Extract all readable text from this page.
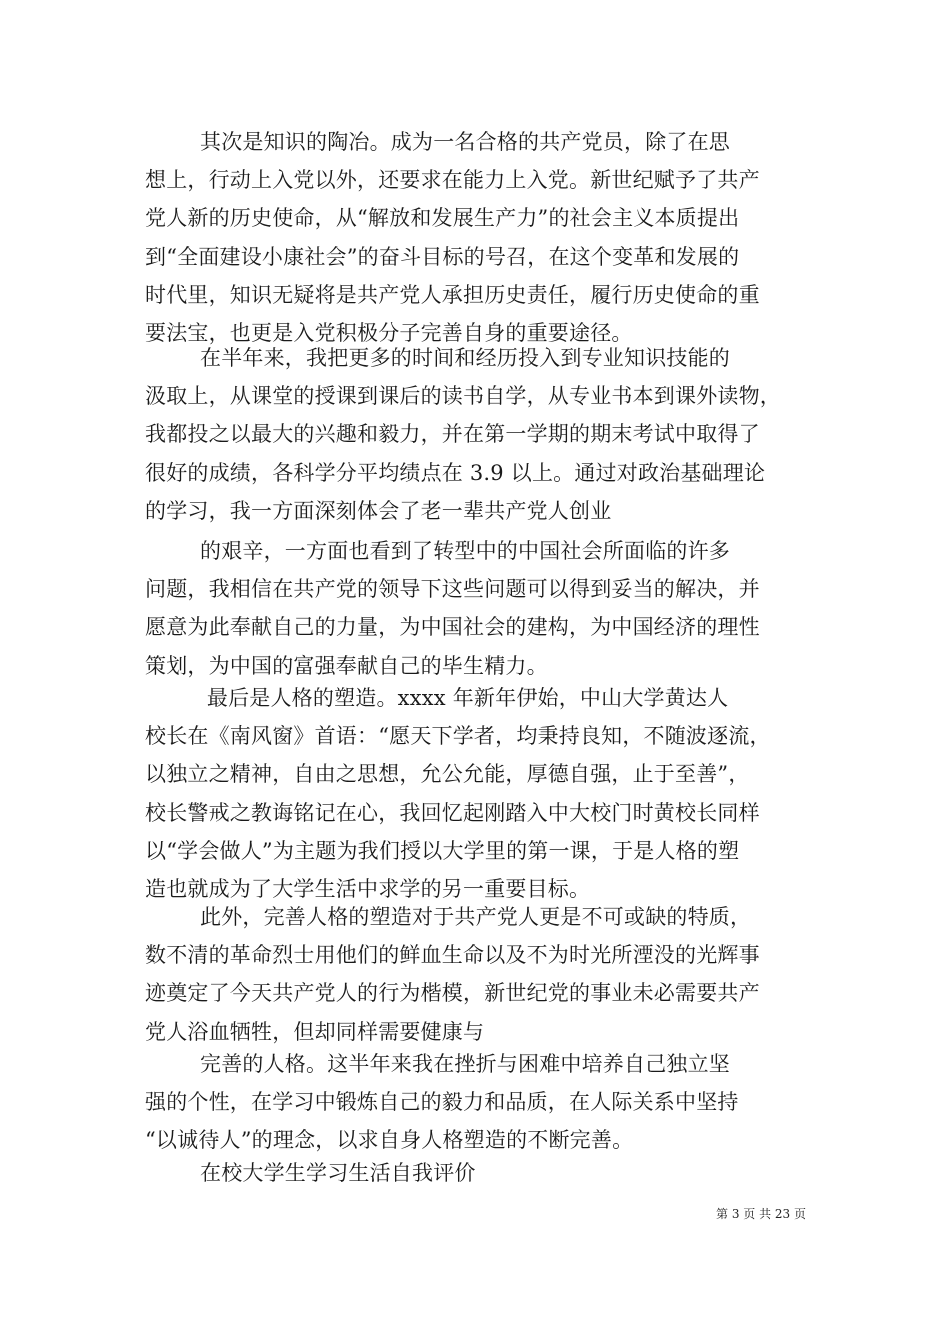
其次是知识的陶冶。成为一名合格的共产党员，除了在思
想上，行动上入党以外，还要求在能力上入党。新世纪赋予了共产
党人新的历史使命，从“解放和发展生产力”的社会主义本质提出
到“全面建设小康社会”的奋斗目标的号召，在这个变革和发展的
时代里，知识无疑将是共产党人承担历史责任，履行历史使命的重
要法宝，也更是入党积极分子完善自身的重要途径。
在半年来，我把更多的时间和经历投入到专业知识技能的
汲取上，从课堂的授课到课后的读书自学，从专业书本到课外读物，
我都投之以最大的兴趣和毅力，并在第一学期的期末考试中取得了
很好的成绩，各科学分平均绩点在 3.9 以上。通过对政治基础理论
的学习，我一方面深刻体会了老一辈共产党人创业
的艰辛，一方面也看到了转型中的中国社会所面临的许多
问题，我相信在共产党的领导下这些问题可以得到妥当的解决，并
愿意为此奉献自己的力量，为中国社会的建构，为中国经济的理性
策划，为中国的富强奉献自己的毕生精力。
最后是人格的塑造。xxxx 年新年伊始，中山大学黄达人
校长在《南风窗》首语：“愿天下学者，均秉持良知，不随波逐流，
以独立之精神，自由之思想，允公允能，厚德自强，止于至善”，
校长警戒之教诲铭记在心，我回忆起刚踏入中大校门时黄校长同样
以“学会做人”为主题为我们授以大学里的第一课，于是人格的塑
造也就成为了大学生活中求学的另一重要目标。
此外，完善人格的塑造对于共产党人更是不可或缺的特质，
数不清的革命烈士用他们的鲜血生命以及不为时光所湮没的光辉事
迹奠定了今天共产党人的行为楷模，新世纪党的事业未必需要共产
党人浴血牺牲，但却同样需要健康与
完善的人格。这半年来我在挫折与困难中培养自己独立坚
强的个性，在学习中锻炼自己的毅力和品质，在人际关系中坚持
“以诚待人”的理念，以求自身人格塑造的不断完善。
在校大学生学习生活自我评价
第 3 页 共 23 页
